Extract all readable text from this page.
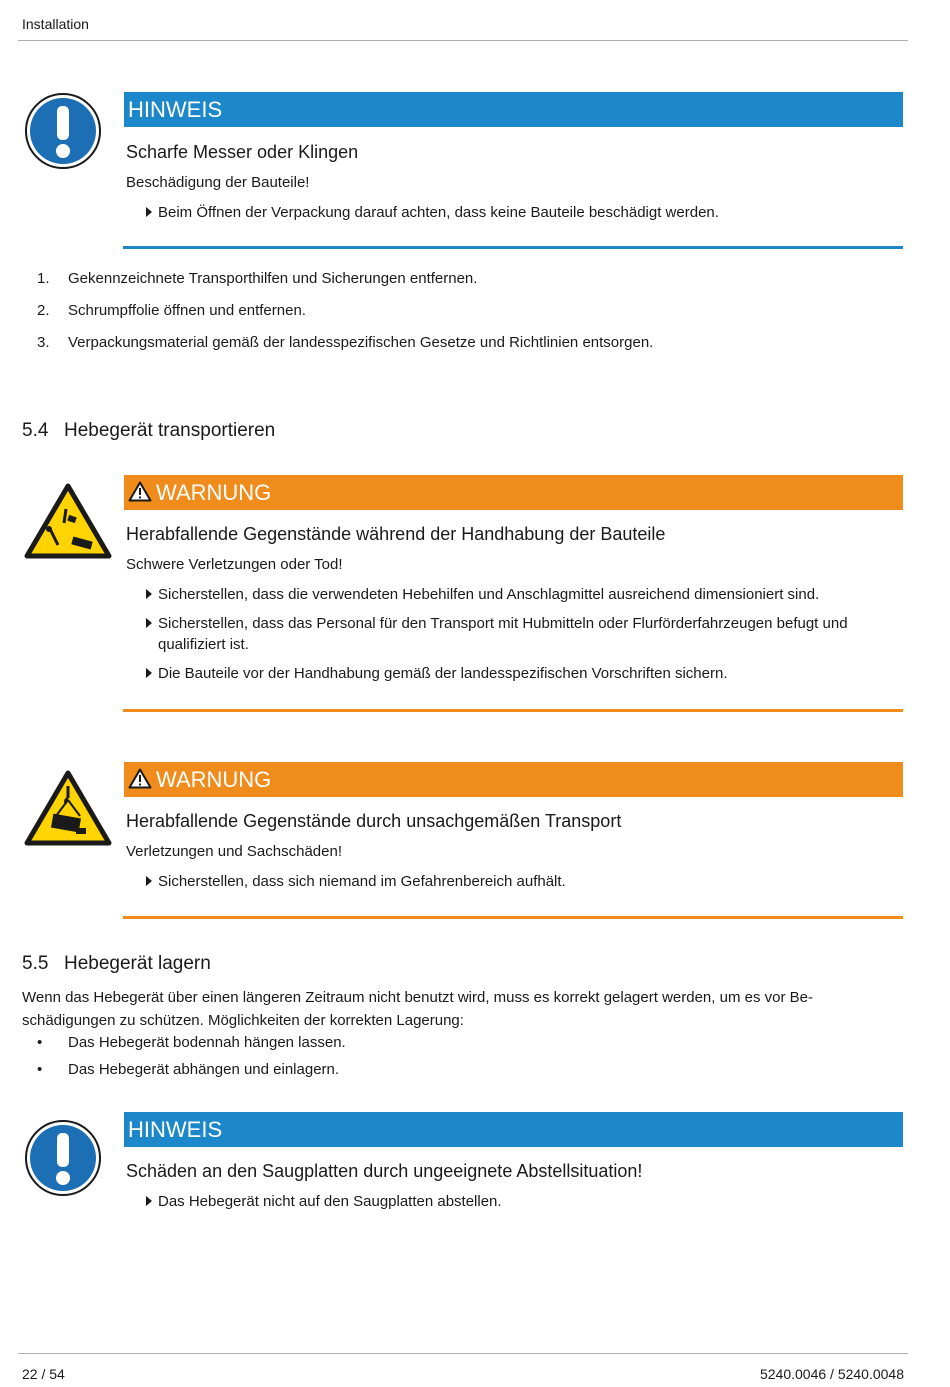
Installation
HINWEIS
Scharfe Messer oder Klingen
Beschädigung der Bauteile!
Beim Öffnen der Verpackung darauf achten, dass keine Bauteile beschädigt werden.
1.	Gekennzeichnete Transporthilfen und Sicherungen entfernen.
2.	Schrumpffolie öffnen und entfernen.
3.	Verpackungsmaterial gemäß der landesspezifischen Gesetze und Richtlinien entsorgen.
5.4 Hebegerät transportieren
WARNUNG
Herabfallende Gegenstände während der Handhabung der Bauteile
Schwere Verletzungen oder Tod!
Sicherstellen, dass die verwendeten Hebehilfen und Anschlagmittel ausreichend dimensioniert sind.
Sicherstellen, dass das Personal für den Transport mit Hubmitteln oder Flurförderfahrzeugen befugt und qualifiziert ist.
Die Bauteile vor der Handhabung gemäß der landesspezifischen Vorschriften sichern.
WARNUNG
Herabfallende Gegenstände durch unsachgemäßen Transport
Verletzungen und Sachschäden!
Sicherstellen, dass sich niemand im Gefahrenbereich aufhält.
5.5 Hebegerät lagern
Wenn das Hebegerät über einen längeren Zeitraum nicht benutzt wird, muss es korrekt gelagert werden, um es vor Be-schädigungen zu schützen. Möglichkeiten der korrekten Lagerung:
•	Das Hebegerät bodennah hängen lassen.
•	Das Hebegerät abhängen und einlagern.
HINWEIS
Schäden an den Saugplatten durch ungeeignete Abstellsituation!
Das Hebegerät nicht auf den Saugplatten abstellen.
22 / 54	5240.0046 / 5240.0048
